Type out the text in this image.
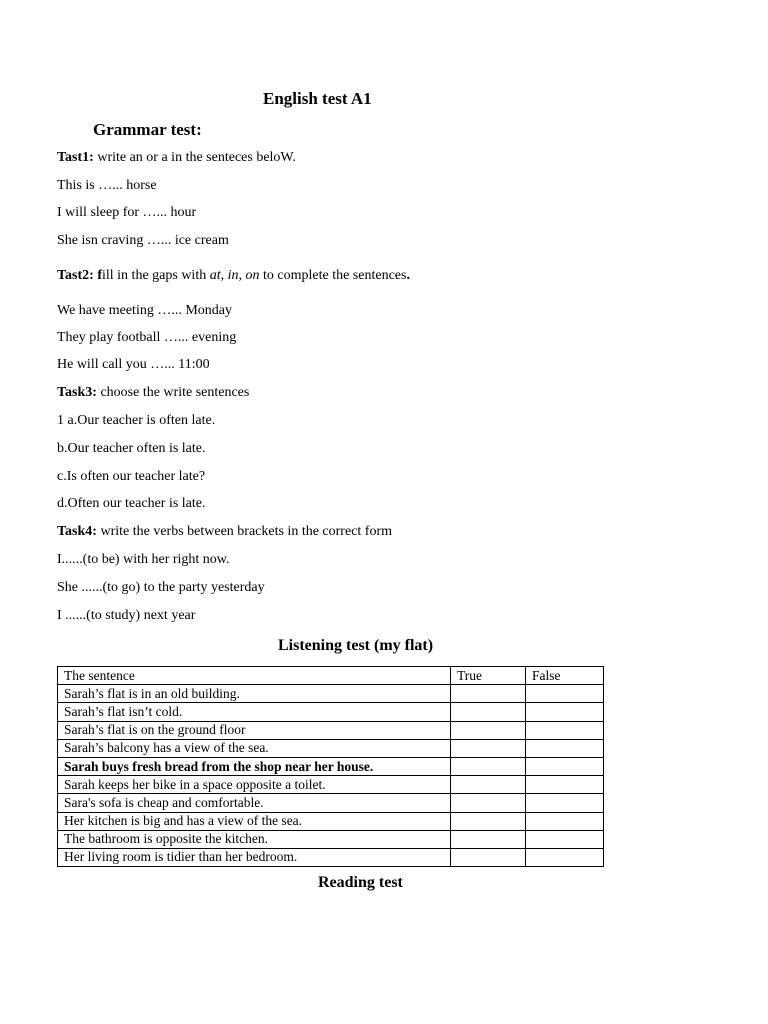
English test A1
Grammar test:
Tast1: write an or a in the senteces beloW.
This is …... horse
I will sleep for …... hour
She isn craving …... ice cream
Tast2: fill in the gaps with at, in, on to complete the sentences.
We have meeting …... Monday
They play football …... evening
He will call you …... 11:00
Task3: choose the write sentences
1 a.Our teacher is often late.
b.Our teacher often is late.
c.Is often our teacher late?
d.Often our teacher is late.
Task4: write the verbs between brackets in the correct form
I......(to be) with her right now.
She ......(to go) to the party yesterday
I ......(to study) next year
Listening test (my flat)
The sentence	True	False
Sarah’s flat is in an old building.		
Sarah’s flat isn’t cold.		
Sarah’s flat is on the ground floor		
Sarah’s balcony has a view of the sea.		
Sarah buys fresh bread from the shop near her house.		
Sarah keeps her bike in a space opposite a toilet.		
Sara's sofa is cheap and comfortable.		
Her kitchen is big and has a view of the sea.		
The bathroom is opposite the kitchen.		
Her living room is tidier than her bedroom.		
Reading test
